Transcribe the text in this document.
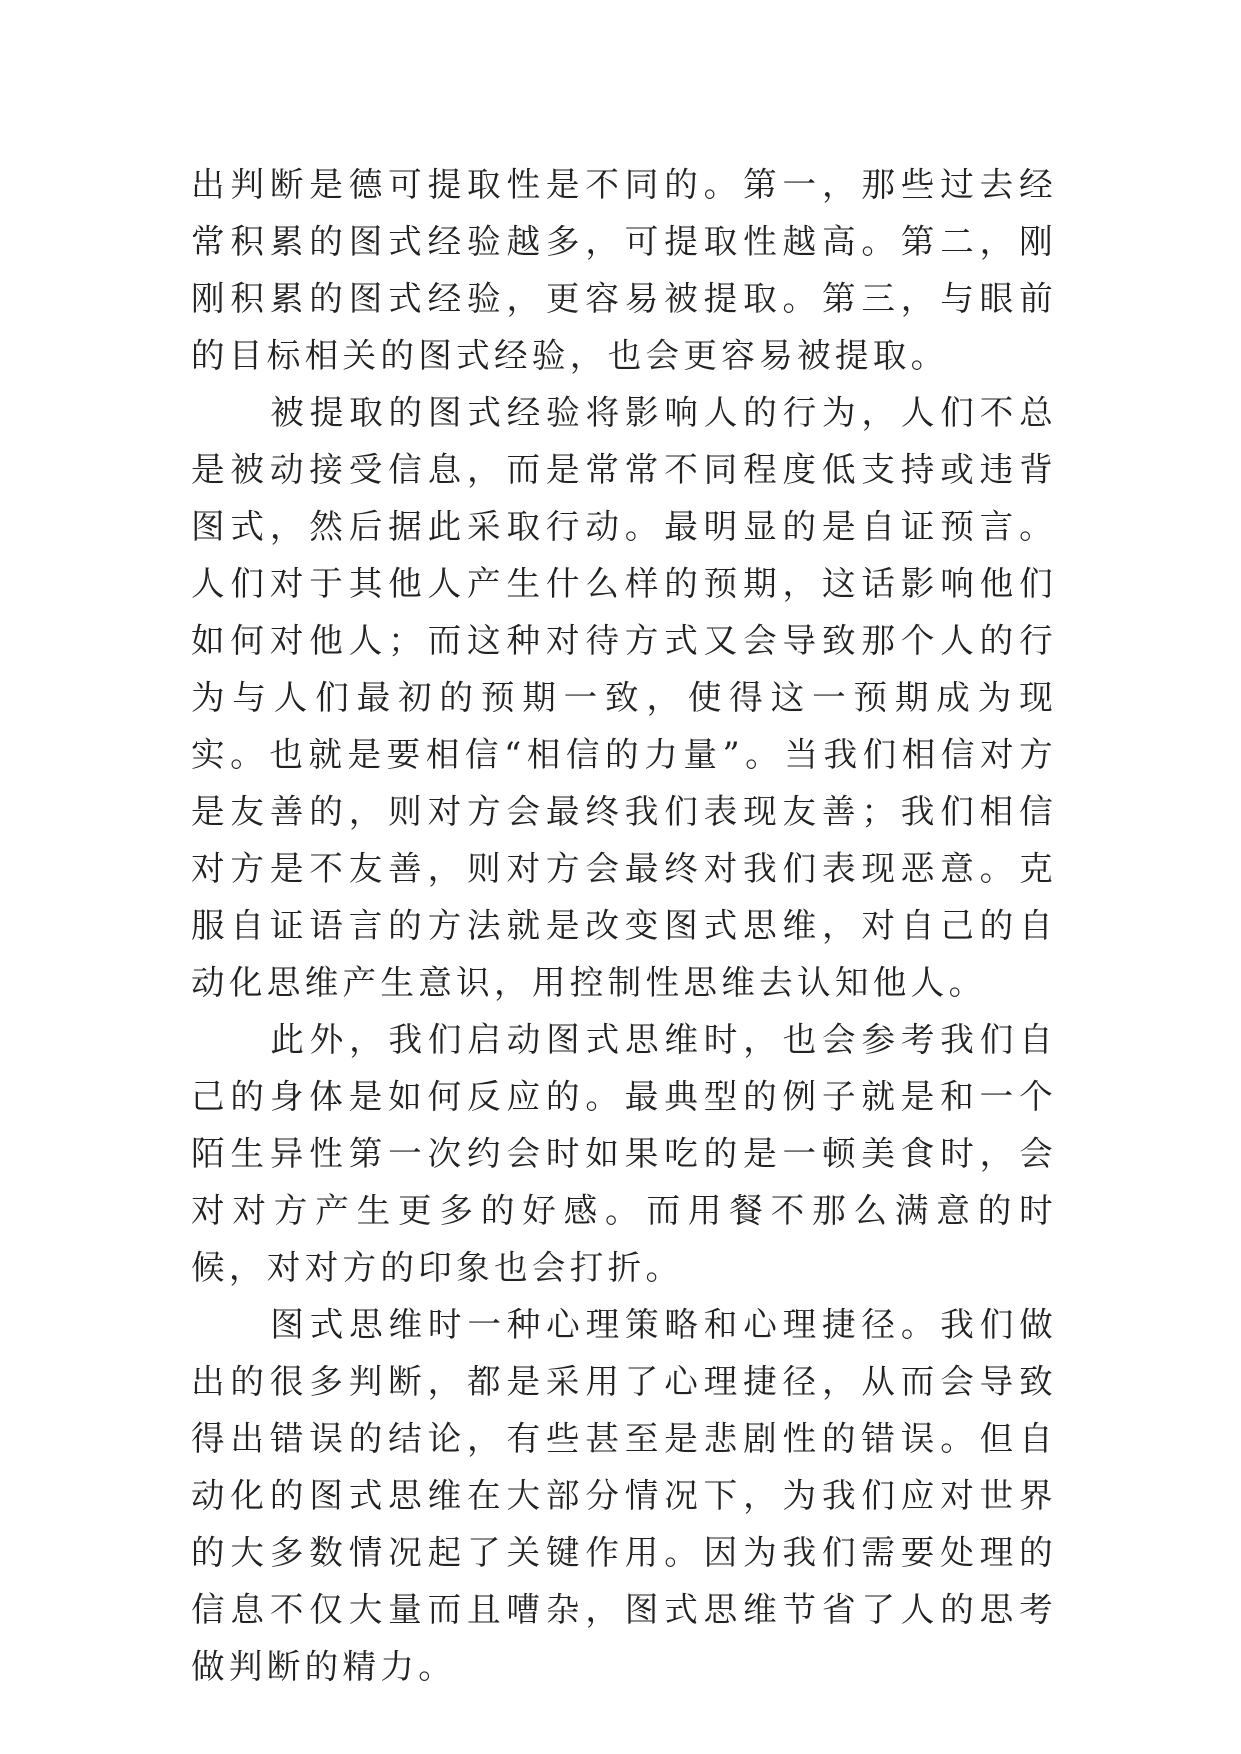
出判断是德可提取性是不同的。第一，那些过去经常积累的图式经验越多，可提取性越高。第二，刚刚积累的图式经验，更容易被提取。第三，与眼前的目标相关的图式经验，也会更容易被提取。

被提取的图式经验将影响人的行为，人们不总是被动接受信息，而是常常不同程度低支持或违背图式，然后据此采取行动。最明显的是自证预言。人们对于其他人产生什么样的预期，这话影响他们如何对他人；而这种对待方式又会导致那个人的行为与人们最初的预期一致，使得这一预期成为现实。也就是要相信“相信的力量”。当我们相信对方是友善的，则对方会最终我们表现友善；我们相信对方是不友善，则对方会最终对我们表现恶意。克服自证语言的方法就是改变图式思维，对自己的自动化思维产生意识，用控制性思维去认知他人。

此外，我们启动图式思维时，也会参考我们自己的身体是如何反应的。最典型的例子就是和一个陌生异性第一次约会时如果吃的是一顿美食时，会对对方产生更多的好感。而用餐不那么满意的时候，对对方的印象也会打折。

图式思维时一种心理策略和心理捷径。我们做出的很多判断，都是采用了心理捷径，从而会导致得出错误的结论，有些甚至是悲剧性的错误。但自动化的图式思维在大部分情况下，为我们应对世界的大多数情况起了关键作用。因为我们需要处理的信息不仅大量而且嘈杂，图式思维节省了人的思考做判断的精力。
